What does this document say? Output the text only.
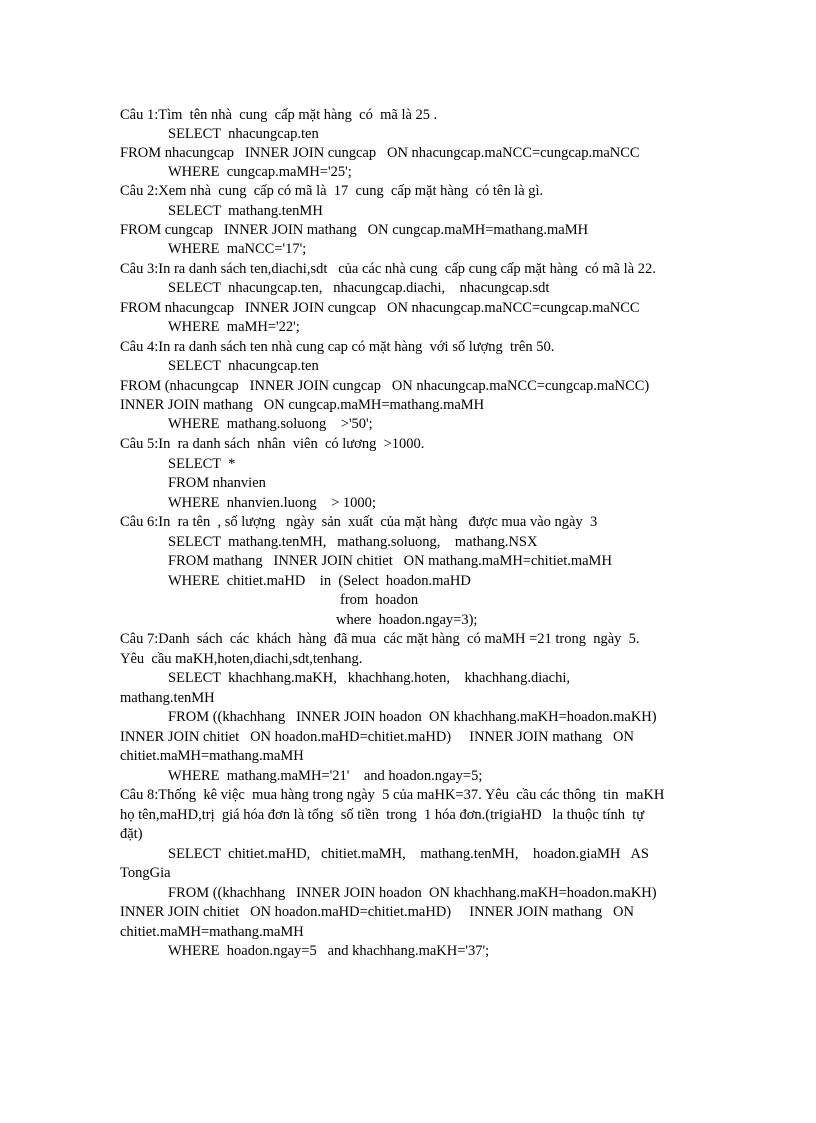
Câu 1:Tìm  tên nhà  cung  cấp mặt hàng  có  mã là 25 .
SELECT  nhacungcap.ten
FROM nhacungcap   INNER JOIN cungcap   ON nhacungcap.maNCC=cungcap.maNCC
WHERE  cungcap.maMH='25';
Câu 2:Xem nhà  cung  cấp có mã là  17  cung  cấp mặt hàng  có tên là gì.
SELECT  mathang.tenMH
FROM cungcap   INNER JOIN mathang   ON cungcap.maMH=mathang.maMH
WHERE  maNCC='17';
Câu 3:In ra danh sách ten,diachi,sdt   của các nhà cung  cấp cung cấp mặt hàng  có mã là 22.
SELECT  nhacungcap.ten,   nhacungcap.diachi,    nhacungcap.sdt
FROM nhacungcap   INNER JOIN cungcap   ON nhacungcap.maNCC=cungcap.maNCC
WHERE  maMH='22';
Câu 4:In ra danh sách ten nhà cung cap có mặt hàng  với số lượng  trên 50.
SELECT  nhacungcap.ten
FROM (nhacungcap   INNER JOIN cungcap   ON nhacungcap.maNCC=cungcap.maNCC)
INNER JOIN mathang   ON cungcap.maMH=mathang.maMH
WHERE  mathang.soluong    >'50';
Câu 5:In  ra danh sách  nhân  viên  có lương  >1000.
SELECT  *
FROM nhanvien
WHERE  nhanvien.luong    > 1000;
Câu 6:In  ra tên  , số lượng   ngày  sản  xuất  của mặt hàng   được mua vào ngày  3
SELECT  mathang.tenMH,   mathang.soluong,    mathang.NSX
FROM mathang   INNER JOIN chitiet   ON mathang.maMH=chitiet.maMH
WHERE  chitiet.maHD    in  (Select  hoadon.maHD
from  hoadon
where  hoadon.ngay=3);
Câu 7:Danh  sách  các  khách  hàng  đã mua  các mặt hàng  có maMH =21 trong  ngày  5.
Yêu  cầu maKH,hoten,diachi,sdt,tenhang.
SELECT  khachhang.maKH,   khachhang.hoten,    khachhang.diachi,
mathang.tenMH
FROM ((khachhang   INNER JOIN hoadon  ON khachhang.maKH=hoadon.maKH)
INNER JOIN chitiet   ON hoadon.maHD=chitiet.maHD)     INNER JOIN mathang   ON
chitiet.maMH=mathang.maMH
WHERE  mathang.maMH='21'    and hoadon.ngay=5;
Câu 8:Thống  kê việc  mua hàng trong ngày  5 của maHK=37. Yêu  cầu các thông  tin  maKH
họ tên,maHD,trị  giá hóa đơn là tổng  số tiền  trong  1 hóa đơn.(trigiaHD   la thuộc tính  tự
đặt)
SELECT  chitiet.maHD,   chitiet.maMH,    mathang.tenMH,    hoadon.giaMH   AS
TongGia
FROM ((khachhang   INNER JOIN hoadon  ON khachhang.maKH=hoadon.maKH)
INNER JOIN chitiet   ON hoadon.maHD=chitiet.maHD)     INNER JOIN mathang   ON
chitiet.maMH=mathang.maMH
WHERE  hoadon.ngay=5   and khachhang.maKH='37';
